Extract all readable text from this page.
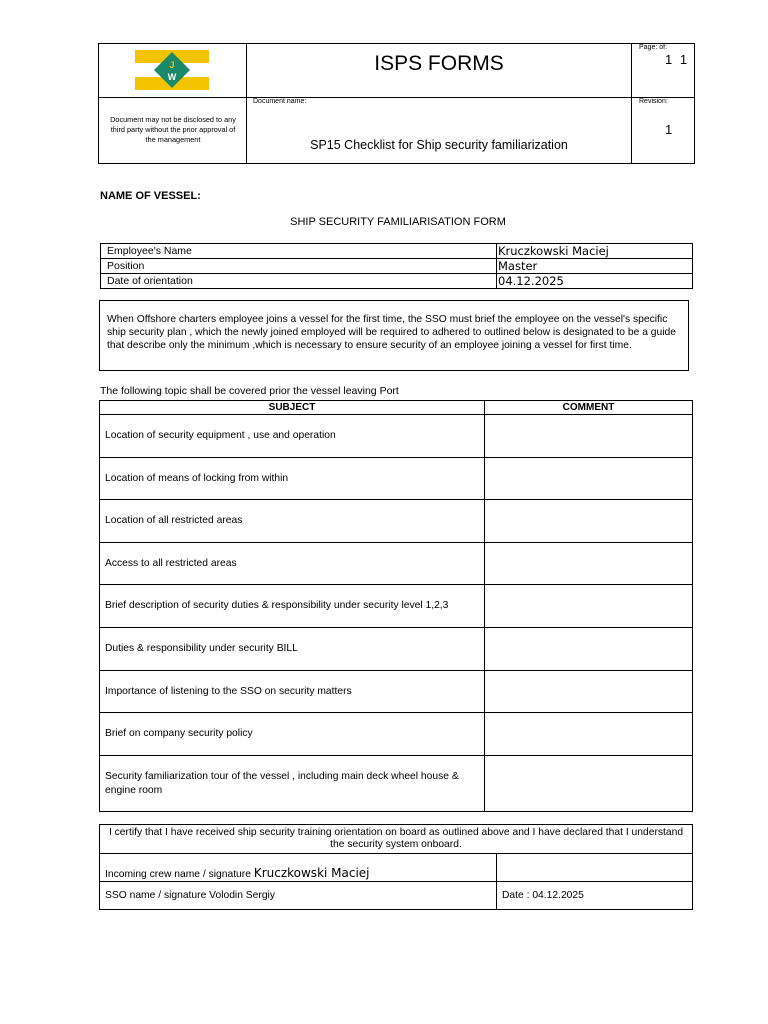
J
W
ISPS FORMS
Document may not be disclosed to any third party without the prior approval of the management
Document name:
SP15 Checklist for Ship security familiarization
Page: of:
1 1
Revision:
1
NAME OF VESSEL:
SHIP SECURITY FAMILIARISATION FORM
Employee's Name	Kruczkowski Maciej
Position	Master
Date of orientation	04.12.2025
When Offshore charters employee joins a vessel for the first time, the SSO must brief the employee on the vessel's specific ship security plan , which the newly joined employed will be required to adhered to outlined below is designated to be a guide that describe only the minimum ,which is necessary to ensure security of an employee joining a vessel for first time.
The following topic shall be covered prior the vessel leaving Port
SUBJECT	COMMENT
Location of security equipment , use and operation	
Location of means of locking from within	
Location of all restricted areas	
Access to all restricted areas	
Brief description of security duties & responsibility under security level 1,2,3	
Duties & responsibility under security BILL	
Importance of listening to the SSO on security matters	
Brief on company security policy	
Security familiarization tour of the vessel , including main deck wheel house & engine room	
I certify that I have received ship security training orientation on board as outlined above and I have declared that I understand the security system onboard.	
Incoming crew name / signature Kruczkowski Maciej	
SSO name / signature Volodin Sergiy	Date : 04.12.2025
